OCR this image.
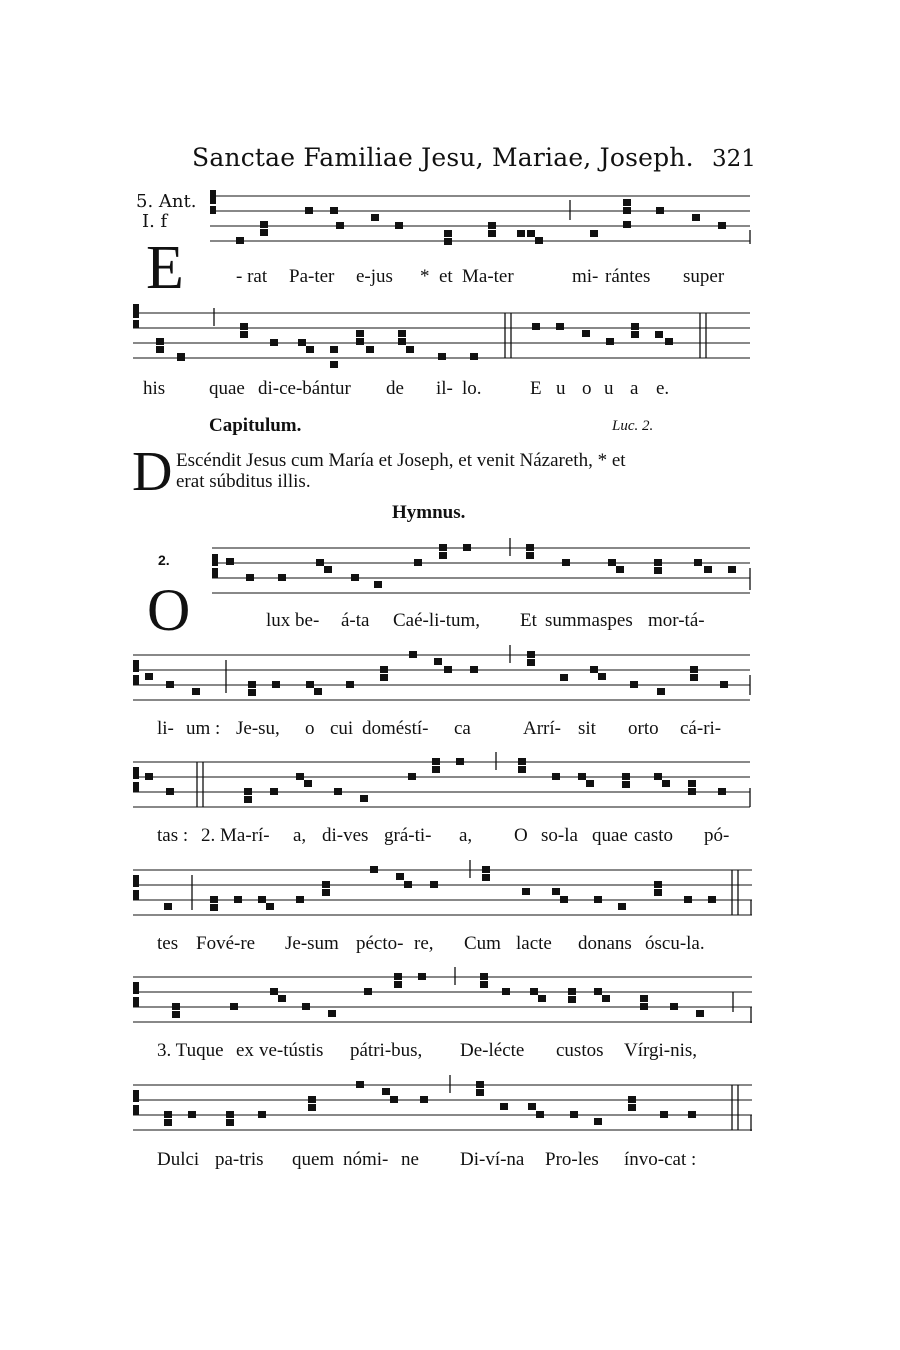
Sanctae Familiae Jesu, Mariae, Joseph. 321
5. Ant.
I. f
E	- rat Pa-ter e-jus * et Ma-ter	mi- rántes super
his quae di-ce-bántur de il- lo.	E u o u a e.
Capitulum.	Luc. 2.
D Escéndit Jesus cum María et Joseph, et venit Názareth, * et
erat súbditus illis.
Hymnus.
2.
O	lux be- á-ta Caé-li-tum, Et summa spes mor-tá-
li- um : Je-su, o cui doméstí- ca	Arrí- sit orto cá-ri-
tas : 2. Ma-rí- a, di-ves grá-ti- a, O so-la quae casto pó-
tes Fové-re Je-sum pécto- re, Cum lacte donans óscu-la.
3. Tuque ex ve-tústis pátri-bus, De-lécte custos Vírgi-nis,
Dulci pa-tris quem nómi- ne Di-ví-na Pro-les ínvo-cat :
